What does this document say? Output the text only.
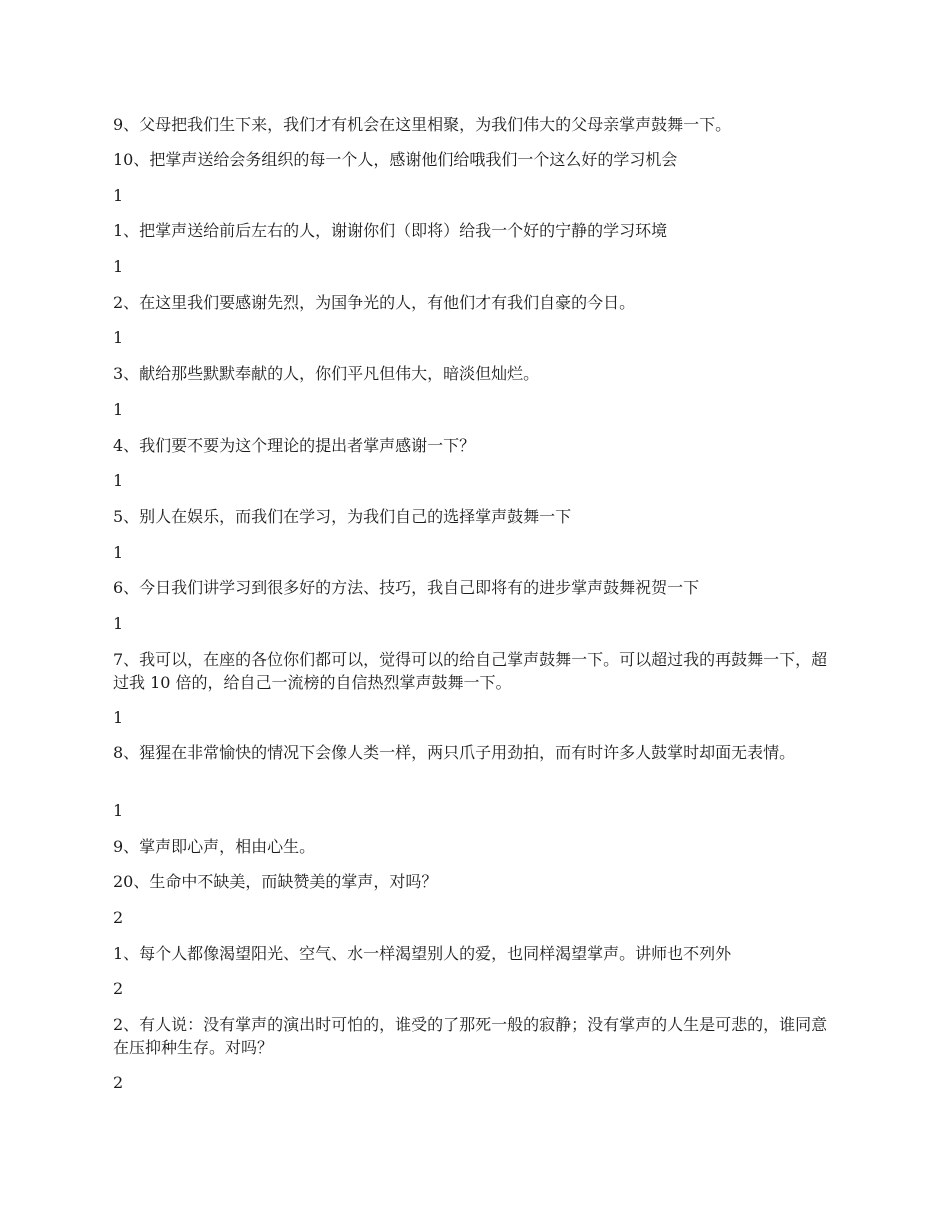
9、父母把我们生下来，我们才有机会在这里相聚，为我们伟大的父母亲掌声鼓舞一下。
10、把掌声送给会务组织的每一个人，感谢他们给哦我们一个这么好的学习机会
1
1、把掌声送给前后左右的人，谢谢你们（即将）给我一个好的宁静的学习环境
1
2、在这里我们要感谢先烈，为国争光的人，有他们才有我们自豪的今日。
1
3、献给那些默默奉献的人，你们平凡但伟大，暗淡但灿烂。
1
4、我们要不要为这个理论的提出者掌声感谢一下？
1
5、别人在娱乐，而我们在学习，为我们自己的选择掌声鼓舞一下
1
6、今日我们讲学习到很多好的方法、技巧，我自己即将有的进步掌声鼓舞祝贺一下
1
7、我可以，在座的各位你们都可以，觉得可以的给自己掌声鼓舞一下。可以超过我的再鼓舞一下，超过我 10 倍的，给自己一流榜的自信热烈掌声鼓舞一下。
1
8、猩猩在非常愉快的情况下会像人类一样，两只爪子用劲拍，而有时许多人鼓掌时却面无表情。
1
9、掌声即心声，相由心生。
20、生命中不缺美，而缺赞美的掌声，对吗？
2
1、每个人都像渴望阳光、空气、水一样渴望别人的爱，也同样渴望掌声。讲师也不列外
2
2、有人说：没有掌声的演出时可怕的，谁受的了那死一般的寂静；没有掌声的人生是可悲的，谁同意在压抑种生存。对吗？
2
